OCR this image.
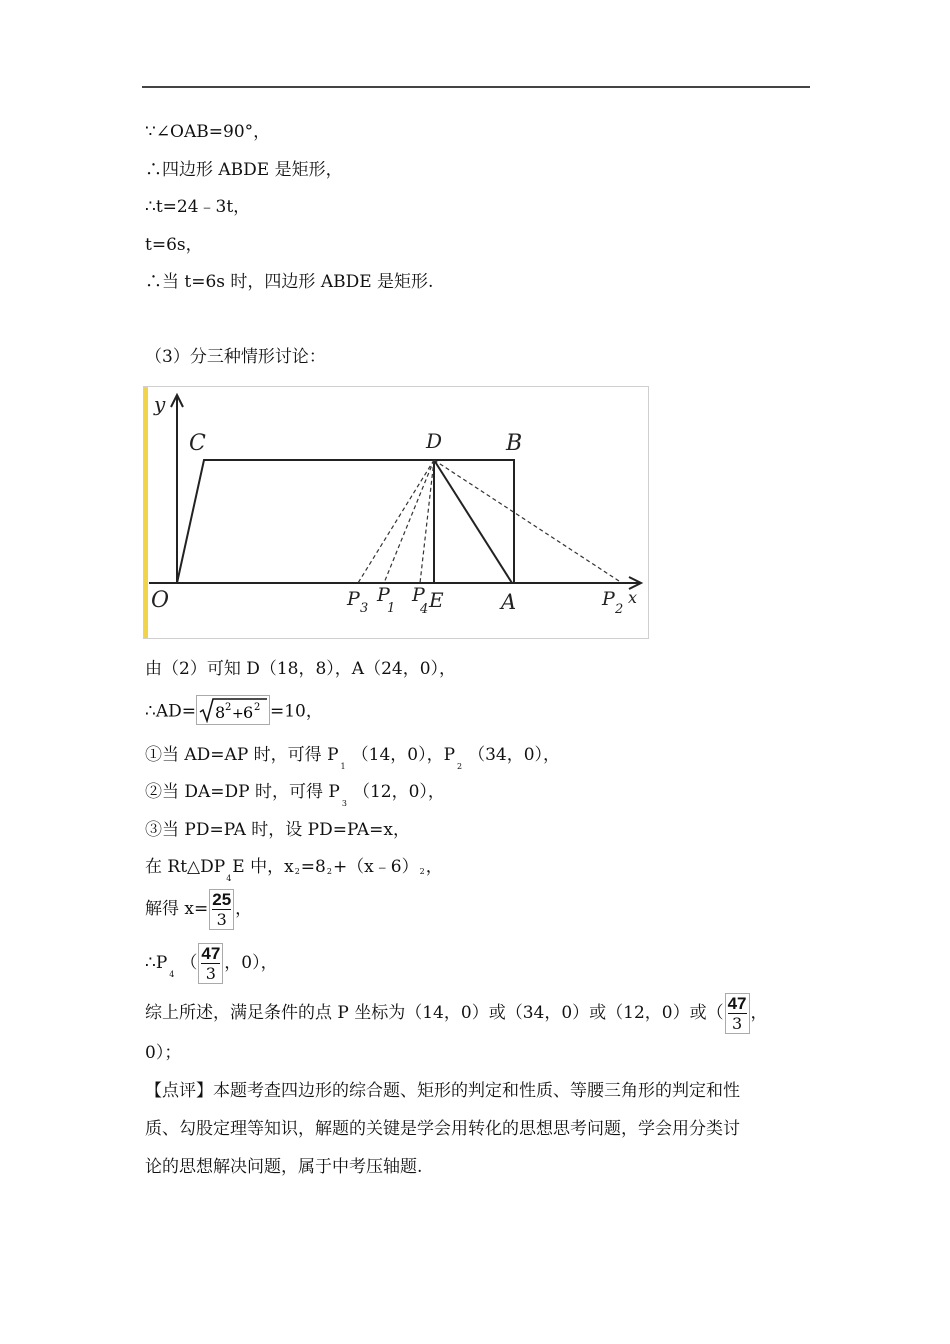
∵∠OAB=90°，
∴四边形 ABDE 是矩形，
∴t=24﹣3t，
t=6s，
∴当 t=6s 时，四边形 ABDE 是矩形.
（3）分三种情形讨论：
y
C	D	B
O	P 3
P
1
P
4 E	A	P 2
x
由（2）可知 D（18，8），A（24，0），
∴AD= 8 2 + 6 2 =10，
①当 AD=AP 时，可得 $P_1(14$，0），$P_2(34$，0），
②当 DA=DP 时，可得 $P_3(12$，0），
③当 PD=PA 时，设 PD=PA=x，
在 $Rt\triangle DP_4E$ 中，x2=82+（x﹣6）2，
解得 $x= \frac{25}{3}$ ，
$\therefore P_4( \frac{47}{3}$ ，0），
综上所述，满足条件的点 P 坐标为（14，0）或（34，0）或（12，0）或（ $\frac{47}{3}$ ，
0）；
【点评】本题考查四边形的综合题、矩形的判定和性质、等腰三角形的判定和性
质、勾股定理等知识，解题的关键是学会用转化的思想思考问题，学会用分类讨
论的思想解决问题，属于中考压轴题.
